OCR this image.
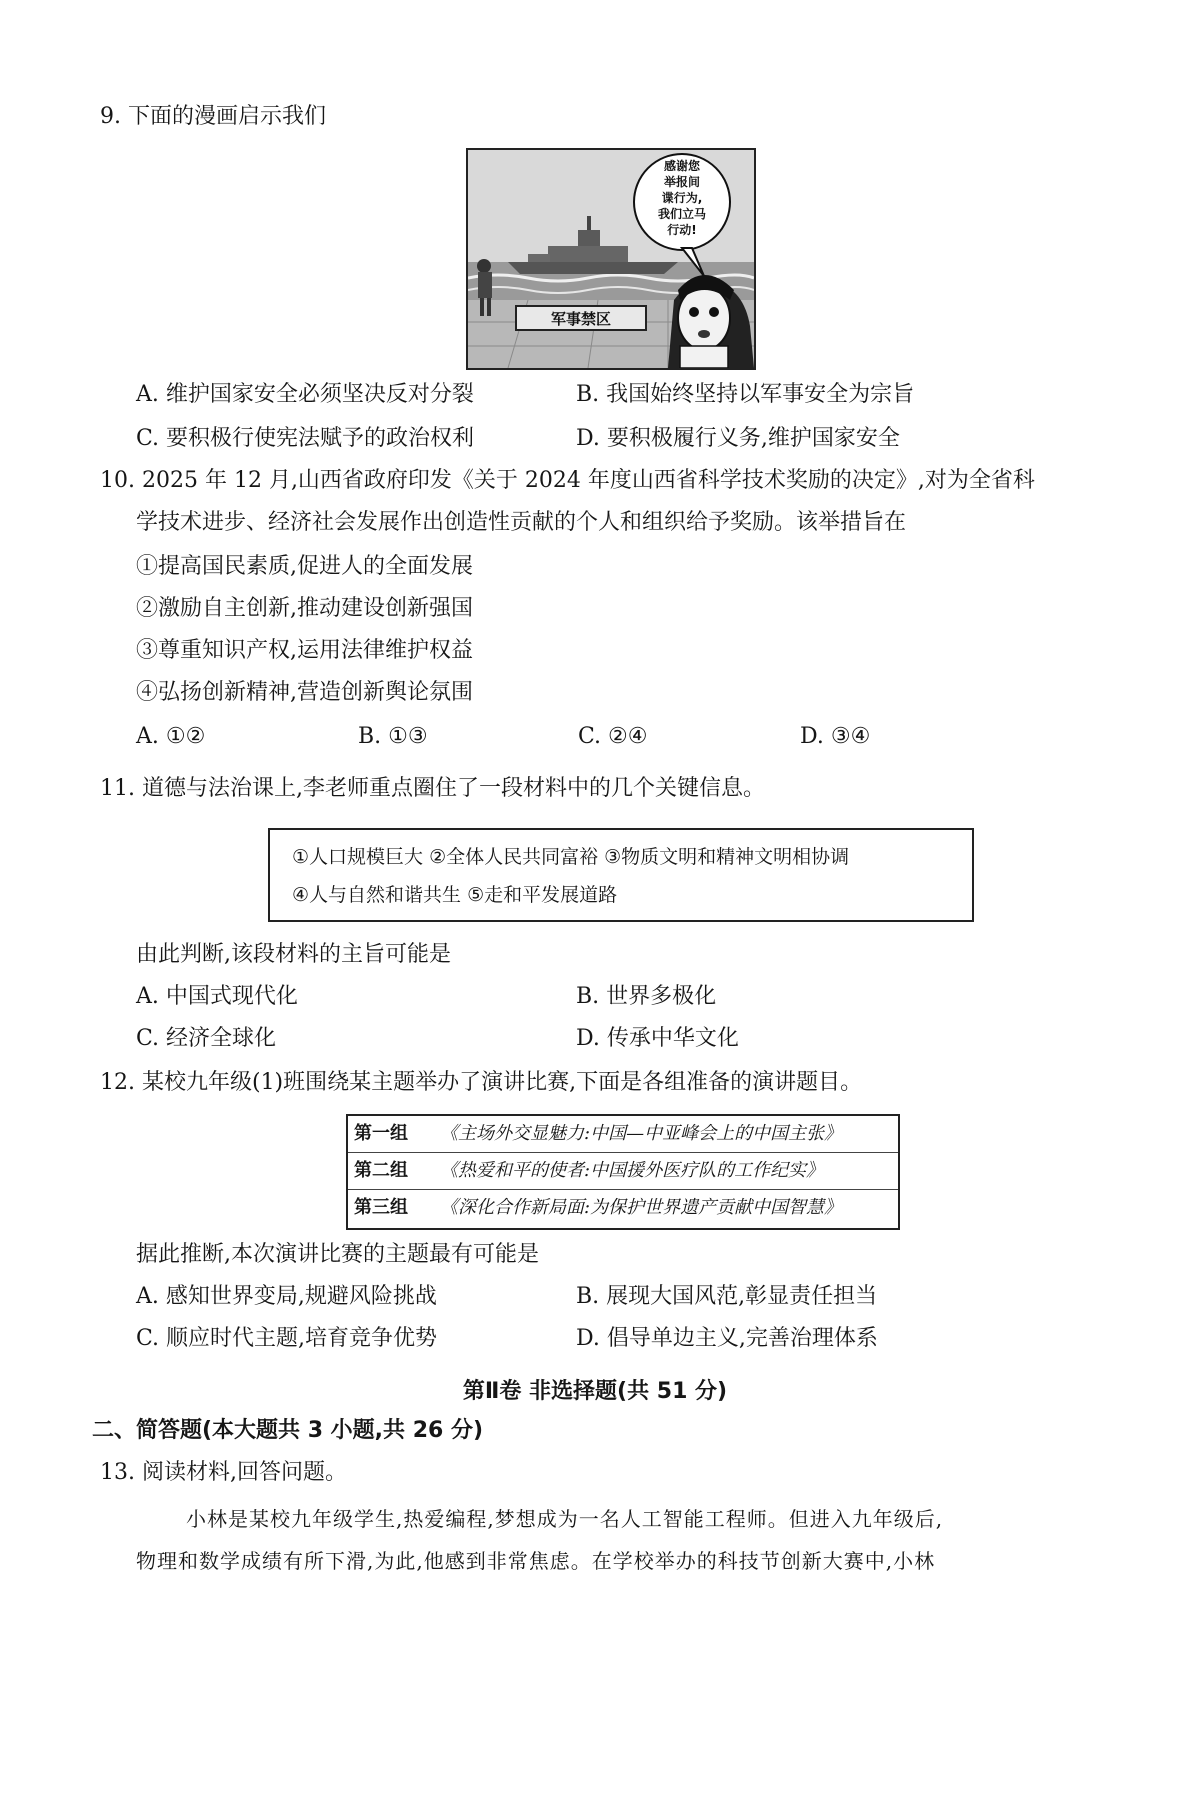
9. 下面的漫画启示我们
军事禁区
感谢您
举报间
谍行为,
我们立马
行动!
A. 维护国家安全必须坚决反对分裂	B. 我国始终坚持以军事安全为宗旨
C. 要积极行使宪法赋予的政治权利	D. 要积极履行义务,维护国家安全
10. 2025 年 12 月,山西省政府印发《关于 2024 年度山西省科学技术奖励的决定》,对为全省科
学技术进步、经济社会发展作出创造性贡献的个人和组织给予奖励。该举措旨在
①提高国民素质,促进人的全面发展
②激励自主创新,推动建设创新强国
③尊重知识产权,运用法律维护权益
④弘扬创新精神,营造创新舆论氛围
A. ①②	B. ①③	C. ②④	D. ③④
11. 道德与法治课上,李老师重点圈住了一段材料中的几个关键信息。
①人口规模巨大 ②全体人民共同富裕 ③物质文明和精神文明相协调
④人与自然和谐共生 ⑤走和平发展道路
由此判断,该段材料的主旨可能是
A. 中国式现代化	B. 世界多极化
C. 经济全球化	D. 传承中华文化
12. 某校九年级(1)班围绕某主题举办了演讲比赛,下面是各组准备的演讲题目。
第一组 《主场外交显魅力:中国—中亚峰会上的中国主张》
第二组 《热爱和平的使者:中国援外医疗队的工作纪实》
第三组 《深化合作新局面:为保护世界遗产贡献中国智慧》
据此推断,本次演讲比赛的主题最有可能是
A. 感知世界变局,规避风险挑战	B. 展现大国风范,彰显责任担当
C. 顺应时代主题,培育竞争优势	D. 倡导单边主义,完善治理体系
第Ⅱ卷 非选择题(共 51 分)
二、简答题(本大题共 3 小题,共 26 分)
13. 阅读材料,回答问题。
小林是某校九年级学生,热爱编程,梦想成为一名人工智能工程师。但进入九年级后,
物理和数学成绩有所下滑,为此,他感到非常焦虑。在学校举办的科技节创新大赛中,小林
